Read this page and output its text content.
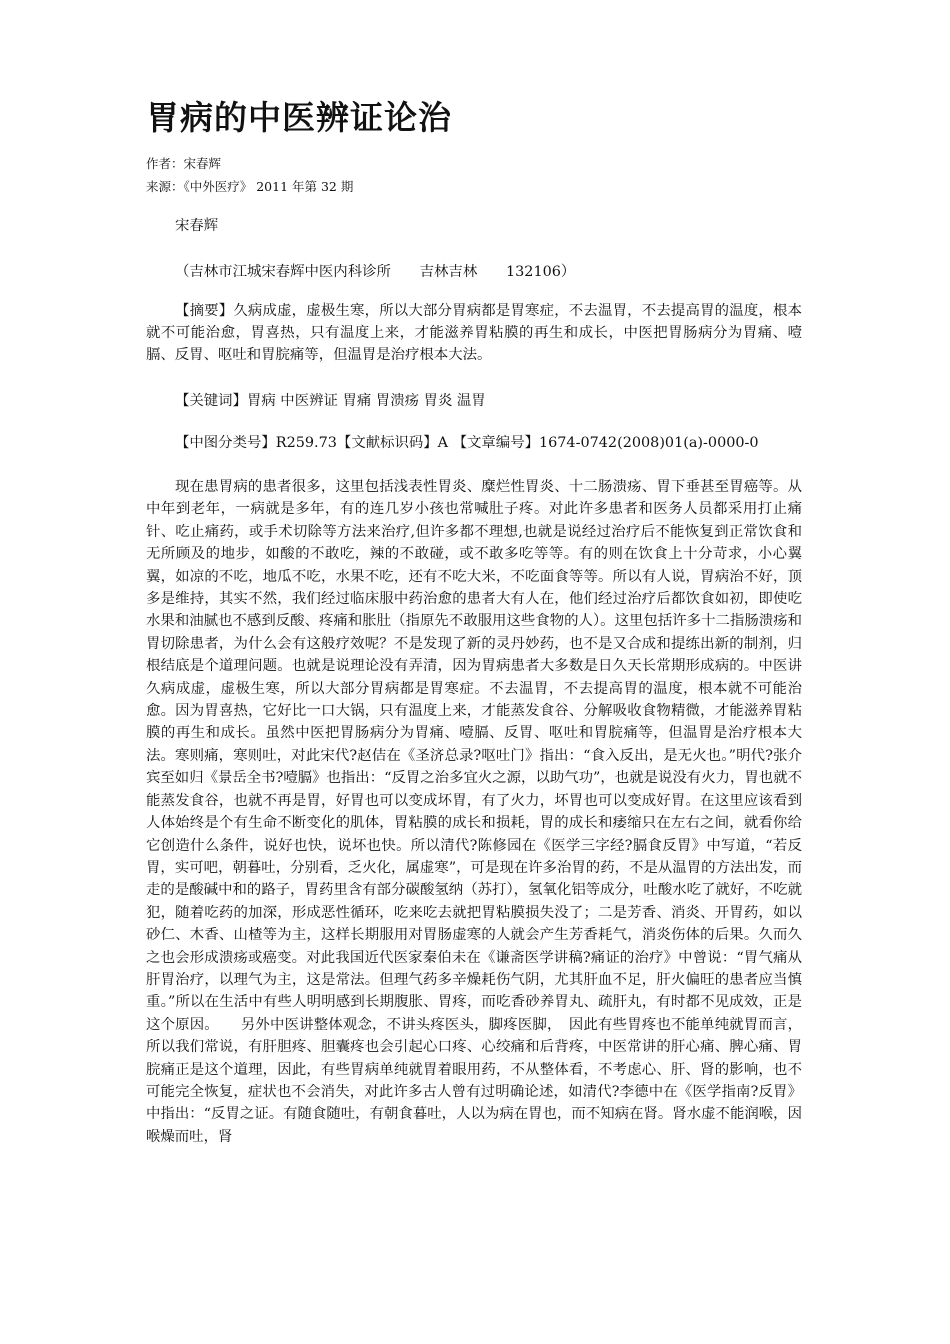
胃病的中医辨证论治
作者：宋春辉
来源：《中外医疗》 2011 年第 32 期

宋春辉

（吉林市江城宋春辉中医内科诊所　　吉林吉林　　132106）

【摘要】久病成虚，虚极生寒，所以大部分胃病都是胃寒症，不去温胃，不去提高胃的温度，根本就不可能治愈，胃喜热，只有温度上来，才能滋养胃粘膜的再生和成长，中医把胃肠病分为胃痛、噎膈、反胃、呕吐和胃脘痛等，但温胃是治疗根本大法。

【关键词】胃病 中医辨证 胃痛 胃溃疡 胃炎 温胃

【中图分类号】R259.73【文献标识码】A 【文章编号】1674-0742(2008)01(a)-0000-0

现在患胃病的患者很多，这里包括浅表性胃炎、糜烂性胃炎、十二肠溃疡、胃下垂甚至胃癌等。从中年到老年，一病就是多年，有的连几岁小孩也常喊肚子疼。对此许多患者和医务人员都采用打止痛针、吃止痛药，或手术切除等方法来治疗,但许多都不理想,也就是说经过治疗后不能恢复到正常饮食和无所顾及的地步，如酸的不敢吃，辣的不敢碰，或不敢多吃等等。有的则在饮食上十分苛求，小心翼翼，如凉的不吃，地瓜不吃，水果不吃，还有不吃大米，不吃面食等等。所以有人说，胃病治不好，顶多是维持，其实不然，我们经过临床服中药治愈的患者大有人在，他们经过治疗后都饮食如初，即使吃水果和油腻也不感到反酸、疼痛和胀肚（指原先不敢服用这些食物的人）。这里包括许多十二指肠溃疡和胃切除患者，为什么会有这般疗效呢？不是发现了新的灵丹妙药，也不是又合成和提练出新的制剂，归根结底是个道理问题。也就是说理论没有弄清，因为胃病患者大多数是日久天长常期形成病的。中医讲久病成虚，虚极生寒，所以大部分胃病都是胃寒症。不去温胃，不去提高胃的温度，根本就不可能治愈。因为胃喜热，它好比一口大锅，只有温度上来，才能蒸发食谷、分解吸收食物精微，才能滋养胃粘膜的再生和成长。虽然中医把胃肠病分为胃痛、噎膈、反胃、呕吐和胃脘痛等，但温胃是治疗根本大法。寒则痛，寒则吐，对此宋代?赵佶在《圣济总录?呕吐门》指出：“食入反出，是无火也。”明代?张介宾至如归《景岳全书?噎膈》也指出：“反胃之治多宜火之源，以助气功”，也就是说没有火力，胃也就不能蒸发食谷，也就不再是胃，好胃也可以变成坏胃，有了火力，坏胃也可以变成好胃。在这里应该看到人体始终是个有生命不断变化的肌体，胃粘膜的成长和损耗，胃的成长和痿缩只在左右之间，就看你给它创造什么条件，说好也快，说坏也快。所以清代?陈修园在《医学三字经?膈食反胃》中写道，“若反胃，实可吧，朝暮吐，分别看，乏火化，属虚寒”，可是现在许多治胃的药，不是从温胃的方法出发，而走的是酸碱中和的路子，胃药里含有部分碳酸氢纳（苏打），氢氧化铝等成分，吐酸水吃了就好，不吃就犯，随着吃药的加深，形成恶性循环，吃来吃去就把胃粘膜损失没了；二是芳香、消炎、开胃药，如以砂仁、木香、山楂等为主，这样长期服用对胃肠虚寒的人就会产生芳香耗气，消炎伤体的后果。久而久之也会形成溃疡或癌变。对此我国近代医家秦伯未在《谦斋医学讲稿?痛证的治疗》中曾说：“胃气痛从肝胃治疗，以理气为主，这是常法。但理气药多辛燥耗伤气阴，尤其肝血不足，肝火偏旺的患者应当慎重。”所以在生活中有些人明明感到长期腹胀、胃疼，而吃香砂养胃丸、疏肝丸，有时都不见成效，正是这个原因。　　另外中医讲整体观念，不讲头疼医头，脚疼医脚，　因此有些胃疼也不能单纯就胃而言，所以我们常说，有肝胆疼、胆囊疼也会引起心口疼、心绞痛和后背疼，中医常讲的肝心痛、脾心痛、胃脘痛正是这个道理，因此，有些胃病单纯就胃着眼用药，不从整体看，不考虑心、肝、肾的影响，也不可能完全恢复，症状也不会消失，对此许多古人曾有过明确论述，如清代?李德中在《医学指南?反胃》中指出：“反胃之证。有随食随吐，有朝食暮吐，人以为病在胃也，而不知病在肾。肾水虚不能润喉，因喉燥而吐，肾
